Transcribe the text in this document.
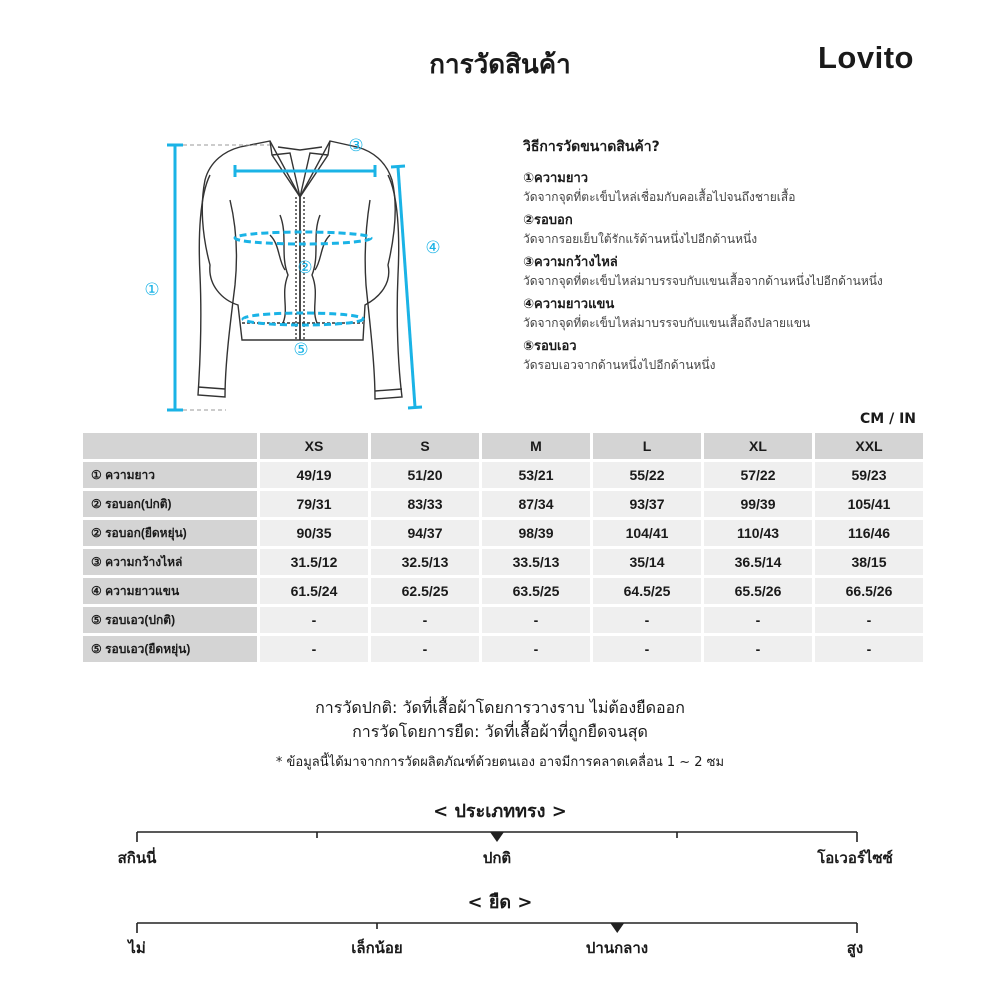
การวัดสินค้า	Lovito
①
②
③
④
⑤
วิธีการวัดขนาดสินค้า?
①ความยาว
วัดจากจุดที่ตะเข็บไหล่เชื่อมกับคอเสื้อไปจนถึงชายเสื้อ
②รอบอก
วัดจากรอยเย็บใต้รักแร้ด้านหนึ่งไปอีกด้านหนึ่ง
③ความกว้างไหล่
วัดจากจุดที่ตะเข็บไหล่มาบรรจบกับแขนเสื้อจากด้านหนึ่งไปอีกด้านหนึ่ง
④ความยาวแขน
วัดจากจุดที่ตะเข็บไหล่มาบรรจบกับแขนเสื้อถึงปลายแขน
⑤รอบเอว
วัดรอบเอวจากด้านหนึ่งไปอีกด้านหนึ่ง
CM / IN
	XS	S	M	L	XL	XXL
① ความยาว	49/19	51/20	53/21	55/22	57/22	59/23
② รอบอก(ปกติ)	79/31	83/33	87/34	93/37	99/39	105/41
② รอบอก(ยืดหยุ่น)	90/35	94/37	98/39	104/41	110/43	116/46
③ ความกว้างไหล่	31.5/12	32.5/13	33.5/13	35/14	36.5/14	38/15
④ ความยาวแขน	61.5/24	62.5/25	63.5/25	64.5/25	65.5/26	66.5/26
⑤ รอบเอว(ปกติ)	-	-	-	-	-	-
⑤ รอบเอว(ยืดหยุ่น)	-	-	-	-	-	-
การวัดปกติ: วัดที่เสื้อผ้าโดยการวางราบ ไม่ต้องยืดออก
การวัดโดยการยืด: วัดที่เสื้อผ้าที่ถูกยืดจนสุด
* ข้อมูลนี้ได้มาจากการวัดผลิตภัณฑ์ด้วยตนเอง อาจมีการคลาดเคลื่อน 1 ~ 2 ซม
< ประเภททรง >
สกินนี่	ปกติ	โอเวอร์ไซซ์
< ยืด >
ไม่	เล็กน้อย	ปานกลาง	สูง
